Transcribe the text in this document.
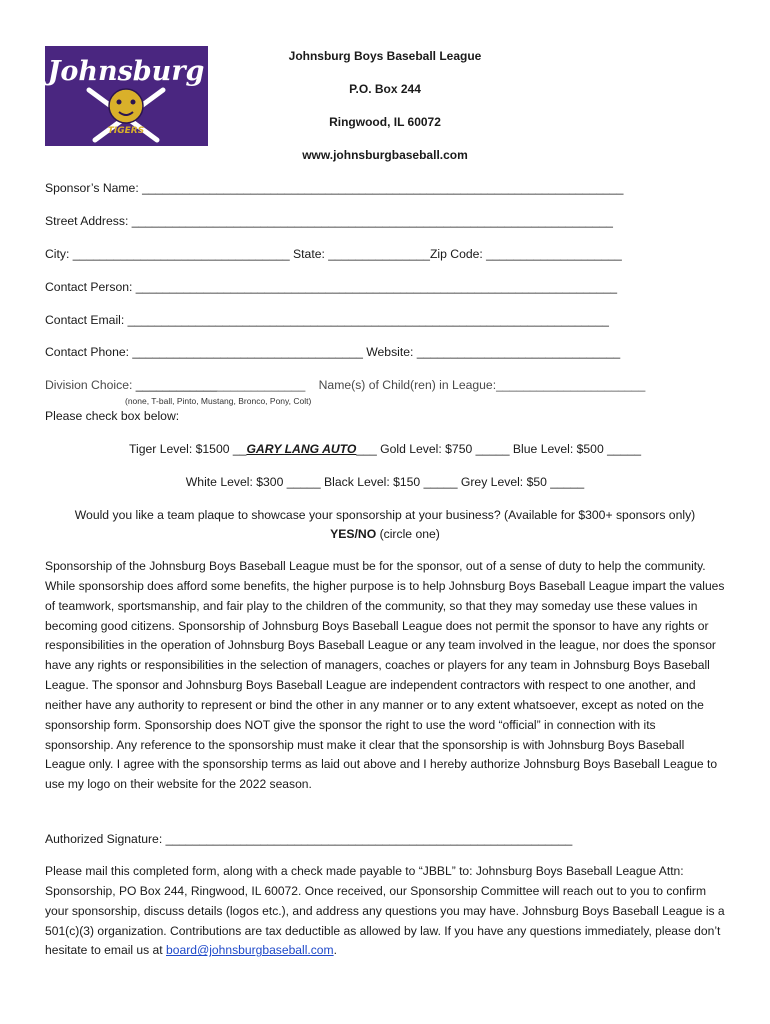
Johnsburg
TIGERS
Johnsburg Boys Baseball League
P.O. Box 244
Ringwood, IL 60072
www.johnsburgbaseball.com
Sponsor’s Name: _______________________________________________________________________
Street Address: _______________________________________________________________________
City: ________________________________ State: _______________Zip Code: ____________________
Contact Person: _______________________________________________________________________
Contact Email: _______________________________________________________________________
Contact Phone: __________________________________ Website: ______________________________
Division Choice: _________________________ Name(s) of Child(ren) in League:______________________
(none, T-ball, Pinto, Mustang, Bronco, Pony, Colt)
Please check box below:
Tiger Level: $1500 __GARY LANG AUTO___ Gold Level: $750 _____ Blue Level: $500 _____
White Level: $300 _____ Black Level: $150 _____ Grey Level: $50 _____
Would you like a team plaque to showcase your sponsorship at your business? (Available for $300+ sponsors only)
YES/NO (circle one)
Sponsorship of the Johnsburg Boys Baseball League must be for the sponsor, out of a sense of duty to help the community. While sponsorship does afford some benefits, the higher purpose is to help Johnsburg Boys Baseball League impart the values of teamwork, sportsmanship, and fair play to the children of the community, so that they may someday use these values in becoming good citizens. Sponsorship of Johnsburg Boys Baseball League does not permit the sponsor to have any rights or responsibilities in the operation of Johnsburg Boys Baseball League or any team involved in the league, nor does the sponsor have any rights or responsibilities in the selection of managers, coaches or players for any team in Johnsburg Boys Baseball League. The sponsor and Johnsburg Boys Baseball League are independent contractors with respect to one another, and neither have any authority to represent or bind the other in any manner or to any extent whatsoever, except as noted on the sponsorship form. Sponsorship does NOT give the sponsor the right to use the word “official” in connection with its sponsorship. Any reference to the sponsorship must make it clear that the sponsorship is with Johnsburg Boys Baseball League only. I agree with the sponsorship terms as laid out above and I hereby authorize Johnsburg Boys Baseball League to use my logo on their website for the 2022 season.
Authorized Signature: ____________________________________________________________
Please mail this completed form, along with a check made payable to “JBBL” to: Johnsburg Boys Baseball League Attn: Sponsorship, PO Box 244, Ringwood, IL 60072. Once received, our Sponsorship Committee will reach out to you to confirm your sponsorship, discuss details (logos etc.), and address any questions you may have. Johnsburg Boys Baseball League is a 501(c)(3) organization. Contributions are tax deductible as allowed by law. If you have any questions immediately, please don’t hesitate to email us at board@johnsburgbaseball.com.
